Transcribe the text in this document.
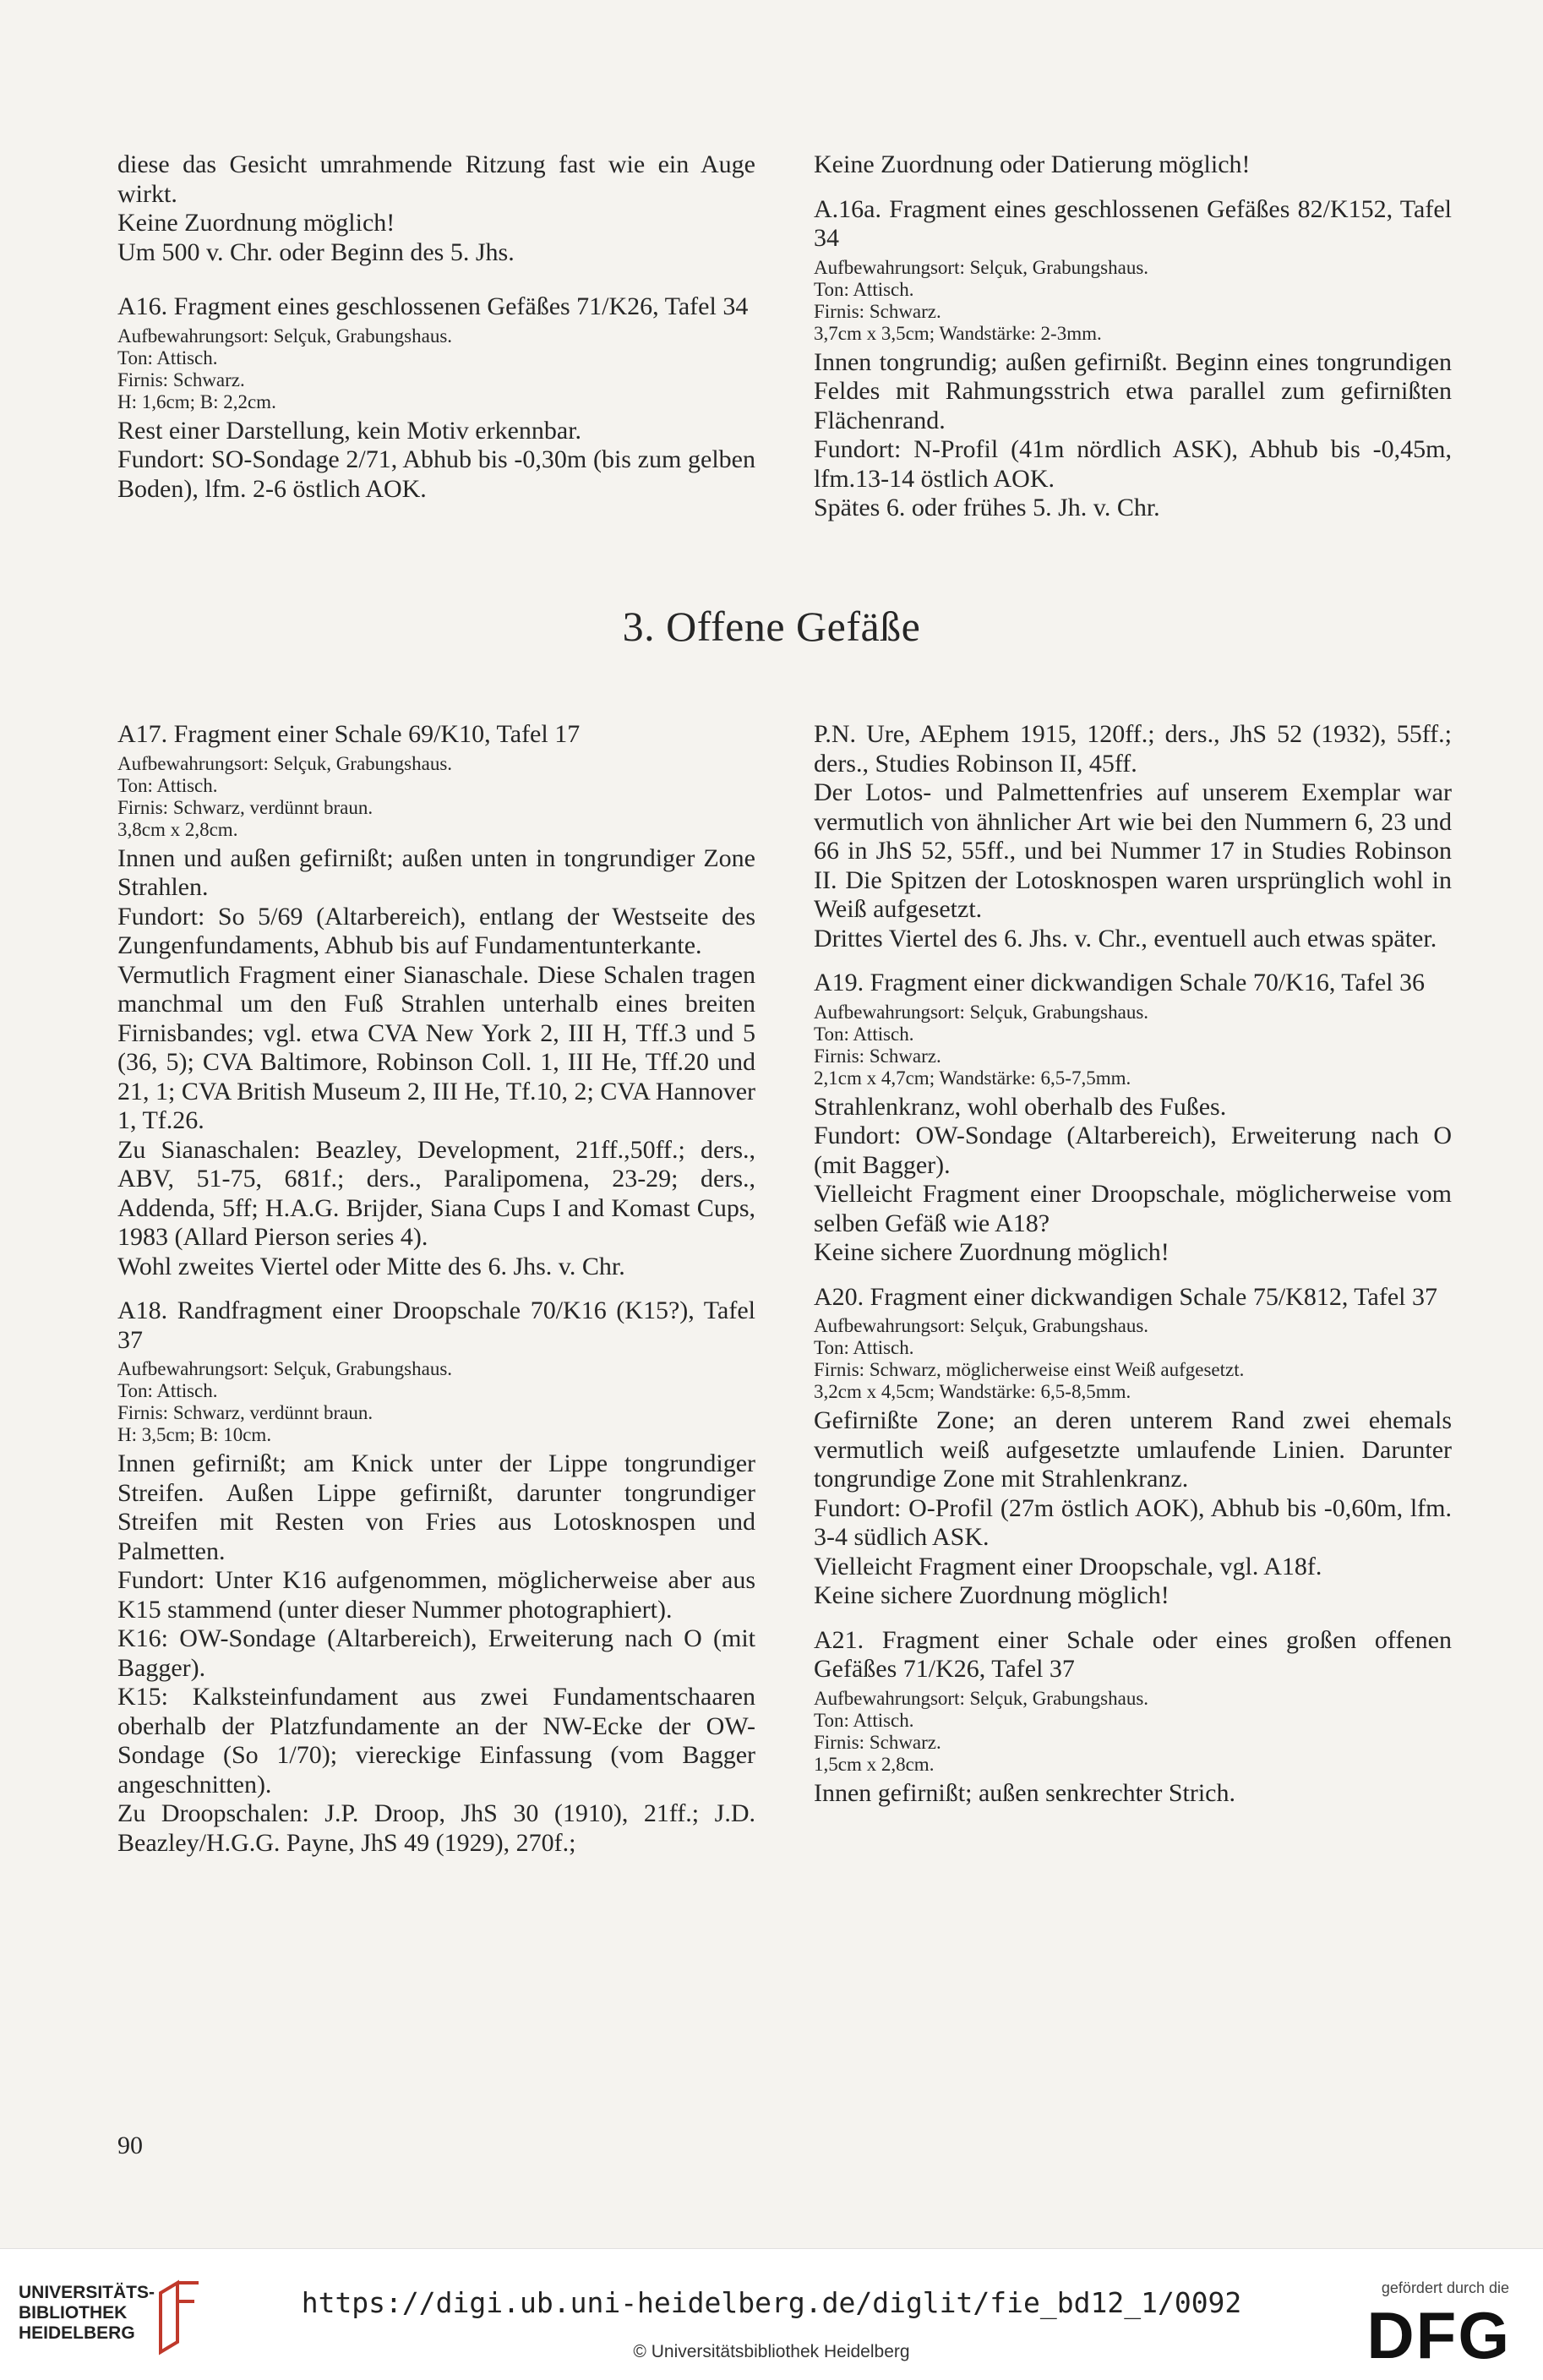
diese das Gesicht umrahmende Ritzung fast wie ein Auge wirkt.

Keine Zuordnung möglich!

Um 500 v. Chr. oder Beginn des 5. Jhs.

A16. Fragment eines geschlossenen Gefäßes 71/K26, Tafel 34

Aufbewahrungsort: Selçuk, Grabungshaus.
Ton: Attisch.
Firnis: Schwarz.
H: 1,6cm; B: 2,2cm.

Rest einer Darstellung, kein Motiv erkennbar.

Fundort: SO-Sondage 2/71, Abhub bis -0,30m (bis zum gelben Boden), lfm. 2-6 östlich AOK.

Keine Zuordnung oder Datierung möglich!

A.16a. Fragment eines geschlossenen Gefäßes 82/K152, Tafel 34

Aufbewahrungsort: Selçuk, Grabungshaus.
Ton: Attisch.
Firnis: Schwarz.
3,7cm x 3,5cm; Wandstärke: 2-3mm.

Innen tongrundig; außen gefirnißt. Beginn eines tongrundigen Feldes mit Rahmungsstrich etwa parallel zum gefirnißten Flächenrand.

Fundort: N-Profil (41m nördlich ASK), Abhub bis -0,45m, lfm.13-14 östlich AOK.

Spätes 6. oder frühes 5. Jh. v. Chr.

3. Offene Gefäße

A17. Fragment einer Schale 69/K10, Tafel 17

Aufbewahrungsort: Selçuk, Grabungshaus.
Ton: Attisch.
Firnis: Schwarz, verdünnt braun.
3,8cm x 2,8cm.

Innen und außen gefirnißt; außen unten in tongrundiger Zone Strahlen.

Fundort: So 5/69 (Altarbereich), entlang der Westseite des Zungenfundaments, Abhub bis auf Fundamentunterkante.

Vermutlich Fragment einer Sianaschale. Diese Schalen tragen manchmal um den Fuß Strahlen unterhalb eines breiten Firnisbandes; vgl. etwa CVA New York 2, III H, Tff.3 und 5 (36, 5); CVA Baltimore, Robinson Coll. 1, III He, Tff.20 und 21, 1; CVA British Museum 2, III He, Tf.10, 2; CVA Hannover 1, Tf.26.

Zu Sianaschalen: Beazley, Development, 21ff.,50ff.; ders., ABV, 51-75, 681f.; ders., Paralipomena, 23-29; ders., Addenda, 5ff; H.A.G. Brijder, Siana Cups I and Komast Cups, 1983 (Allard Pierson series 4).

Wohl zweites Viertel oder Mitte des 6. Jhs. v. Chr.

A18. Randfragment einer Droopschale 70/K16 (K15?), Tafel 37

Aufbewahrungsort: Selçuk, Grabungshaus.
Ton: Attisch.
Firnis: Schwarz, verdünnt braun.
H: 3,5cm; B: 10cm.

Innen gefirnißt; am Knick unter der Lippe tongrundiger Streifen. Außen Lippe gefirnißt, darunter tongrundiger Streifen mit Resten von Fries aus Lotosknospen und Palmetten.

Fundort: Unter K16 aufgenommen, möglicherweise aber aus K15 stammend (unter dieser Nummer photographiert).

K16: OW-Sondage (Altarbereich), Erweiterung nach O (mit Bagger).

K15: Kalksteinfundament aus zwei Fundamentschaaren oberhalb der Platzfundamente an der NW-Ecke der OW-Sondage (So 1/70); viereckige Einfassung (vom Bagger angeschnitten).

Zu Droopschalen: J.P. Droop, JhS 30 (1910), 21ff.; J.D. Beazley/H.G.G. Payne, JhS 49 (1929), 270f.;

P.N. Ure, AEphem 1915, 120ff.; ders., JhS 52 (1932), 55ff.; ders., Studies Robinson II, 45ff.

Der Lotos- und Palmettenfries auf unserem Exemplar war vermutlich von ähnlicher Art wie bei den Nummern 6, 23 und 66 in JhS 52, 55ff., und bei Nummer 17 in Studies Robinson II. Die Spitzen der Lotosknospen waren ursprünglich wohl in Weiß aufgesetzt.

Drittes Viertel des 6. Jhs. v. Chr., eventuell auch etwas später.

A19. Fragment einer dickwandigen Schale 70/K16, Tafel 36

Aufbewahrungsort: Selçuk, Grabungshaus.
Ton: Attisch.
Firnis: Schwarz.
2,1cm x 4,7cm; Wandstärke: 6,5-7,5mm.

Strahlenkranz, wohl oberhalb des Fußes.

Fundort: OW-Sondage (Altarbereich), Erweiterung nach O (mit Bagger).

Vielleicht Fragment einer Droopschale, möglicherweise vom selben Gefäß wie A18?

Keine sichere Zuordnung möglich!

A20. Fragment einer dickwandigen Schale 75/K812, Tafel 37

Aufbewahrungsort: Selçuk, Grabungshaus.
Ton: Attisch.
Firnis: Schwarz, möglicherweise einst Weiß aufgesetzt.
3,2cm x 4,5cm; Wandstärke: 6,5-8,5mm.

Gefirnißte Zone; an deren unterem Rand zwei ehemals vermutlich weiß aufgesetzte umlaufende Linien. Darunter tongrundige Zone mit Strahlenkranz.

Fundort: O-Profil (27m östlich AOK), Abhub bis -0,60m, lfm. 3-4 südlich ASK.

Vielleicht Fragment einer Droopschale, vgl. A18f.

Keine sichere Zuordnung möglich!

A21. Fragment einer Schale oder eines großen offenen Gefäßes 71/K26, Tafel 37

Aufbewahrungsort: Selçuk, Grabungshaus.
Ton: Attisch.
Firnis: Schwarz.
1,5cm x 2,8cm.

Innen gefirnißt; außen senkrechter Strich.

90
UNIVERSITÄTS-
BIBLIOTHEK
HEIDELBERG
https://digi.ub.uni-heidelberg.de/diglit/fie_bd12_1/0092
© Universitätsbibliothek Heidelberg
gefördert durch die
DFG
